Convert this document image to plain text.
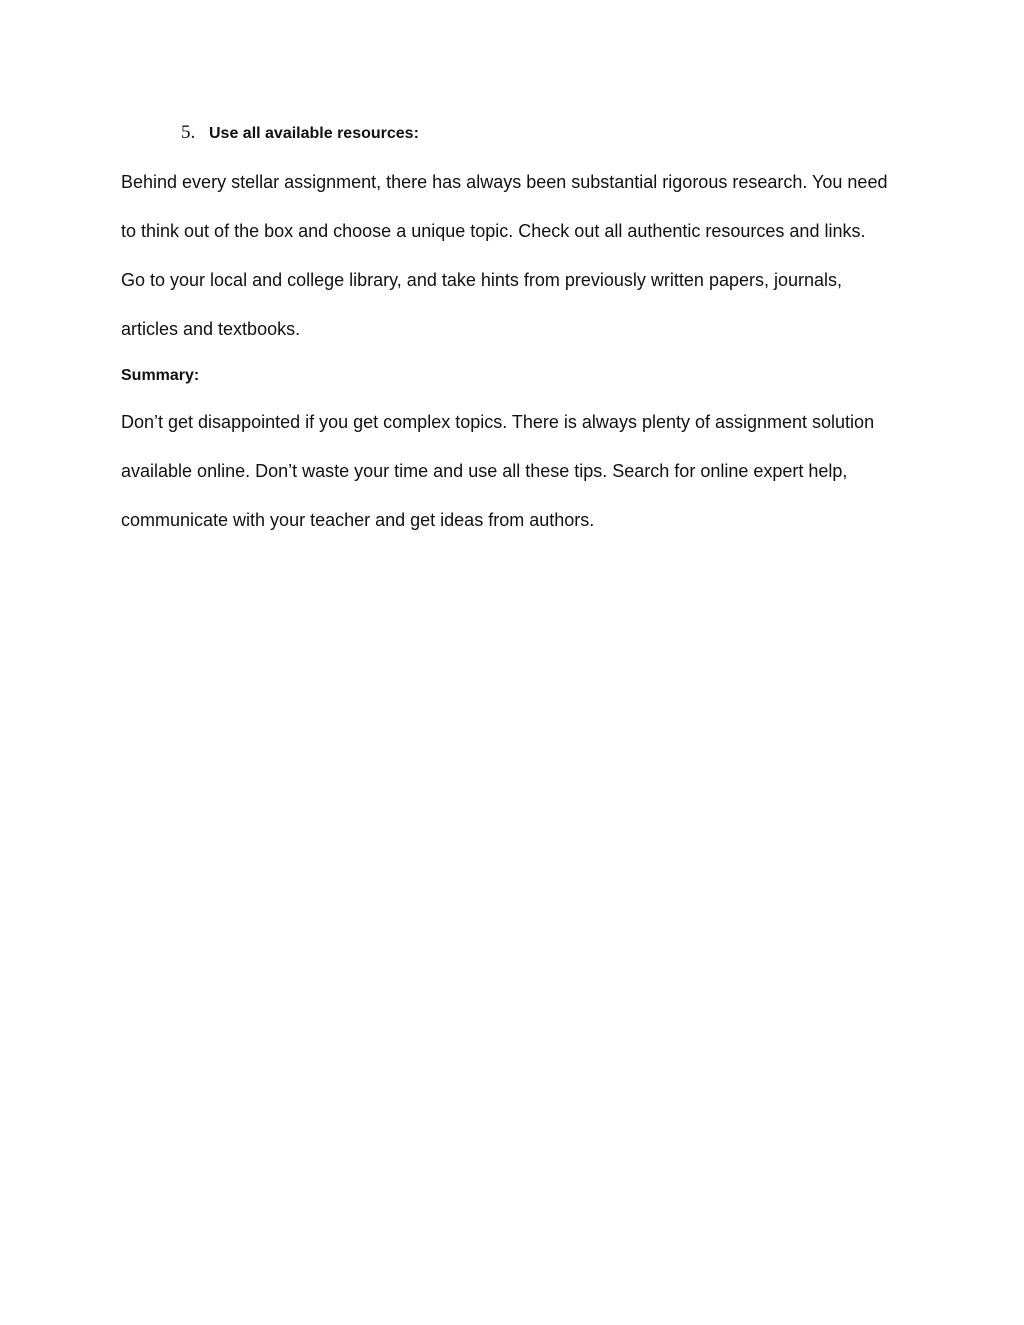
5. Use all available resources:

Behind every stellar assignment, there has always been substantial rigorous research. You need
to think out of the box and choose a unique topic. Check out all authentic resources and links.
Go to your local and college library, and take hints from previously written papers, journals,
articles and textbooks.

Summary:

Don’t get disappointed if you get complex topics. There is always plenty of assignment solution
available online. Don’t waste your time and use all these tips. Search for online expert help,
communicate with your teacher and get ideas from authors.
